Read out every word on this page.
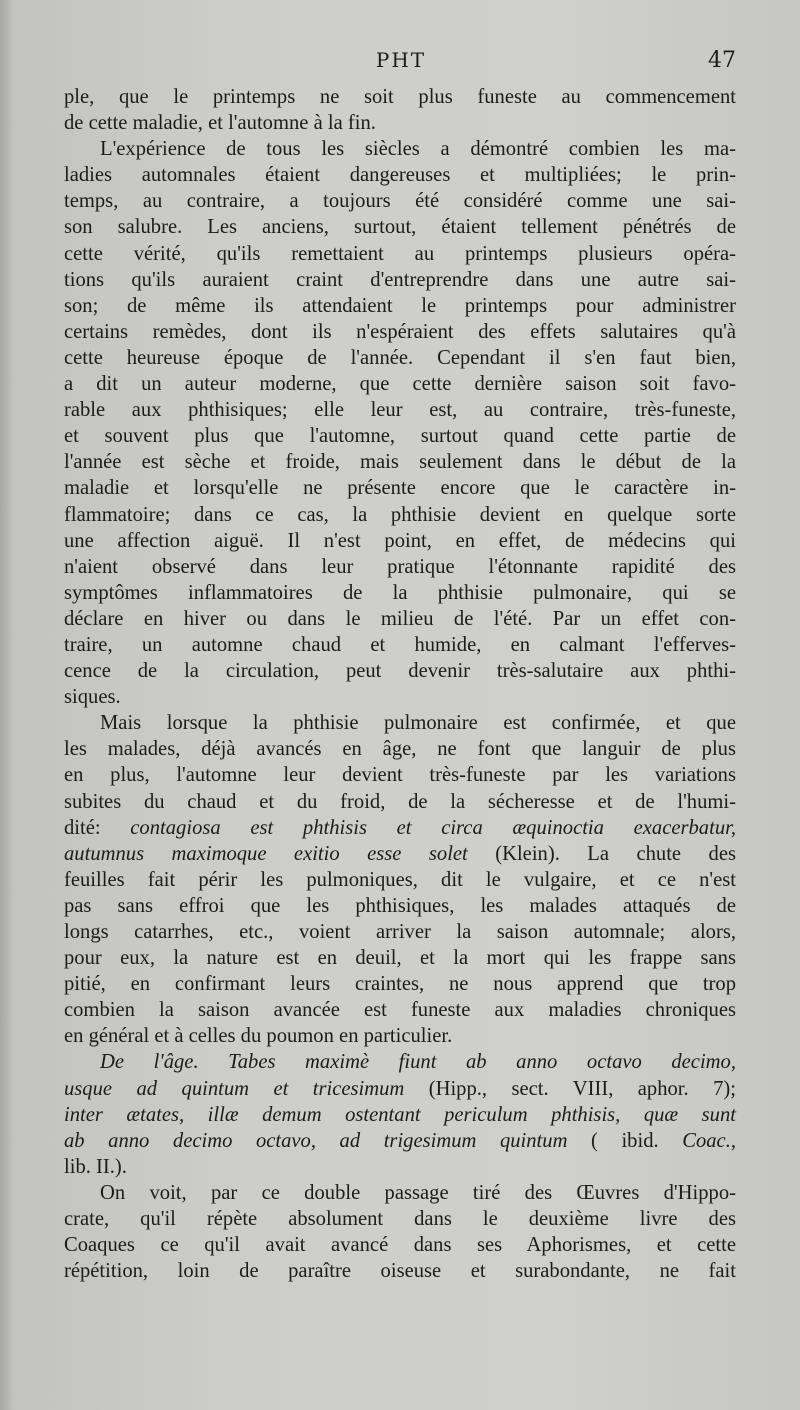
PHT	47

ple, que le printemps ne soit plus funeste au commencement

de cette maladie, et l'automne à la fin.

L'expérience de tous les siècles a démontré combien les ma-

ladies automnales étaient dangereuses et multipliées; le prin-

temps, au contraire, a toujours été considéré comme une sai-

son salubre. Les anciens, surtout, étaient tellement pénétrés de

cette vérité, qu'ils remettaient au printemps plusieurs opéra-

tions qu'ils auraient craint d'entreprendre dans une autre sai-

son; de même ils attendaient le printemps pour administrer

certains remèdes, dont ils n'espéraient des effets salutaires qu'à

cette heureuse époque de l'année. Cependant il s'en faut bien,

a dit un auteur moderne, que cette dernière saison soit favo-

rable aux phthisiques; elle leur est, au contraire, très-funeste,

et souvent plus que l'automne, surtout quand cette partie de

l'année est sèche et froide, mais seulement dans le début de la

maladie et lorsqu'elle ne présente encore que le caractère in-

flammatoire; dans ce cas, la phthisie devient en quelque sorte

une affection aiguë. Il n'est point, en effet, de médecins qui

n'aient observé dans leur pratique l'étonnante rapidité des

symptômes inflammatoires de la phthisie pulmonaire, qui se

déclare en hiver ou dans le milieu de l'été. Par un effet con-

traire, un automne chaud et humide, en calmant l'efferves-

cence de la circulation, peut devenir très-salutaire aux phthi-

siques.

Mais lorsque la phthisie pulmonaire est confirmée, et que

les malades, déjà avancés en âge, ne font que languir de plus

en plus, l'automne leur devient très-funeste par les variations

subites du chaud et du froid, de la sécheresse et de l'humi-

dité: contagiosa est phthisis et circa æquinoctia exacerbatur,

autumnus maximoque exitio esse solet (Klein). La chute des

feuilles fait périr les pulmoniques, dit le vulgaire, et ce n'est

pas sans effroi que les phthisiques, les malades attaqués de

longs catarrhes, etc., voient arriver la saison automnale; alors,

pour eux, la nature est en deuil, et la mort qui les frappe sans

pitié, en confirmant leurs craintes, ne nous apprend que trop

combien la saison avancée est funeste aux maladies chroniques

en général et à celles du poumon en particulier.

De l'âge. Tabes maximè fiunt ab anno octavo decimo,

usque ad quintum et tricesimum (Hipp., sect. VIII, aphor. 7);

inter ætates, illæ demum ostentant periculum phthisis, quæ sunt

ab anno decimo octavo, ad trigesimum quintum ( ibid. Coac.,

lib. II.).

On voit, par ce double passage tiré des Œuvres d'Hippo-

crate, qu'il répète absolument dans le deuxième livre des

Coaques ce qu'il avait avancé dans ses Aphorismes, et cette

répétition, loin de paraître oiseuse et surabondante, ne fait
